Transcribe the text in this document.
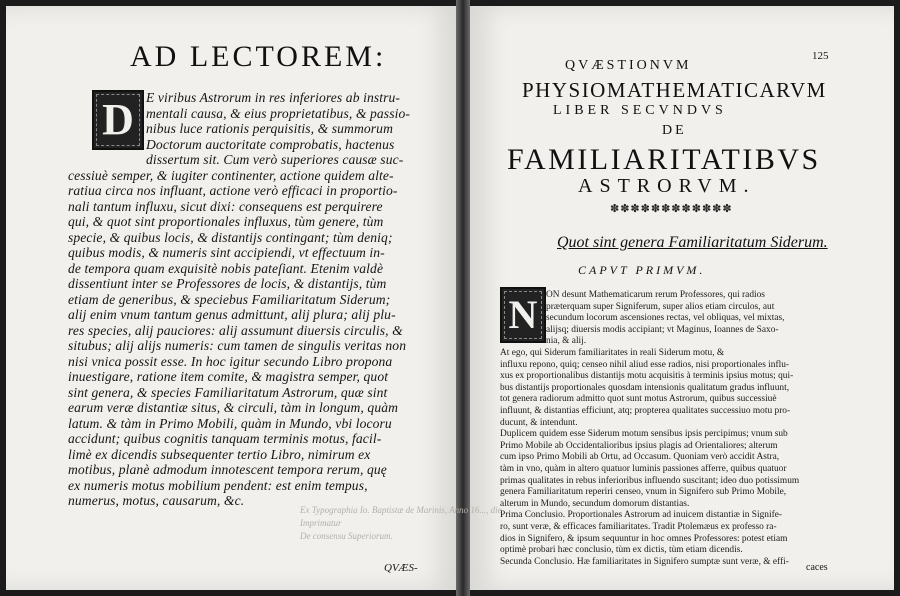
AD LECTOREM:
D E viribus Astrorum in res inferiores ab instru-
mentali causa, & eius proprietatibus, & passio-
nibus luce rationis perquisitis, & summorum
Doctorum auctoritate comprobatis, hactenus
dissertum sit. Cum verò superiores causæ suc-
cessiuè semper, & iugiter continenter, actione quidem alte-
ratiua circa nos influant, actione verò efficaci in proportio-
nali tantum influxu, sicut dixi: consequens est perquirere
qui, & quot sint proportionales influxus, tùm genere, tùm
specie, & quibus locis, & distantijs contingant; tùm deniq;
quibus modis, & numeris sint accipiendi, vt effectuum in-
de tempora quam exquisitè nobis pateſiant. Etenim valdè
dissentiunt inter se Professores de locis, & distantijs, tùm
etiam de generibus, & speciebus Familiaritatum Siderum;
alij enim vnum tantum genus admittunt, alij plura; alij plu-
res species, alij pauciores: alij assumunt diuersis circulis, &
situbus; alij alijs numeris: cum tamen de singulis veritas non
nisi vnica possit esse. In hoc igitur secundo Libro propona
inuestigare, ratione item comite, & magistra semper, quot
sint genera, & species Familiaritatum Astrorum, quæ sint
earum veræ distantiæ situs, & circuli, tàm in longum, quàm
latum. & tàm in Primo Mobili, quàm in Mundo, vbi locoru
accidunt; quibus cognitis tanquam terminis motus, facil-
limè ex dicendis subsequenter tertio Libro, nimirum ex
motibus, planè admodum innotescent tempora rerum, quę
ex numeris motus mobilium pendent: est enim tempus,
numerus, motus, causarum, &c.
Ex Typographia Io. Baptistæ de Marinis, Anno 16..., die
Imprimatur
De consensu Superiorum.
QVÆS-
125
QVÆSTIONVM
PHYSIOMATHEMATICARVM
LIBER SECVNDVS
DE
FAMILIARITATIBVS
ASTRORVM.
✽✽✽✽✽✽✽✽✽✽✽✽
Quot sint genera Familiaritatum Siderum.
CAPVT PRIMVM.
N ON desunt Mathematicarum rerum Professores, qui radios
præterquam super Signiferum, super alios etiam circulos, aut
secundum locorum ascensiones rectas, vel obliquas, vel mixtas,
alijsq; diuersis modis accipiant; vt Maginus, Ioannes de Saxo-
nia, & alij.
At ego, qui Siderum familiaritates in reali Siderum motu, &
influxu repono, quiq; censeo nihil aliud esse radios, nisi proportionales influ-
xus ex proportionalibus distantijs motu acquisitis à terminis ipsius motus; qui-
bus distantijs proportionales quosdam intensionis qualitatum gradus influunt,
tot genera radiorum admitto quot sunt motus Astrorum, quibus successiuè
influunt, & distantias efficiunt, atq; propterea qualitates successiuo motu pro-
ducunt, & intendunt.
Duplicem quidem esse Siderum motum sensibus ipsis percipimus; vnum sub
Primo Mobile ab Occidentalioribus ipsius plagis ad Orientaliores; alterum
cum ipso Primo Mobili ab Ortu, ad Occasum. Quoniam verò accidit Astra,
tàm in vno, quàm in altero quatuor luminis passiones afferre, quibus quatuor
primas qualitates in rebus inferioribus influendo suscitant; ideo duo potissimum
genera Familiaritatum reperiri censeo, vnum in Signifero sub Primo Mobile,
alterum in Mundo, secundum domorum distantias.
Prima Conclusio. Proportionales Astrorum ad inuicem distantiæ in Signife-
ro, sunt veræ, & efficaces familiaritates. Tradit Ptolemæus ex professo ra-
dios in Signifero, & ipsum sequuntur in hoc omnes Professores: potest etiam
optimè probari hæc conclusio, tùm ex dictis, tùm etiam dicendis.
Secunda Conclusio. Hæ familiaritates in Signifero sumptæ sunt veræ, & effi-
caces
